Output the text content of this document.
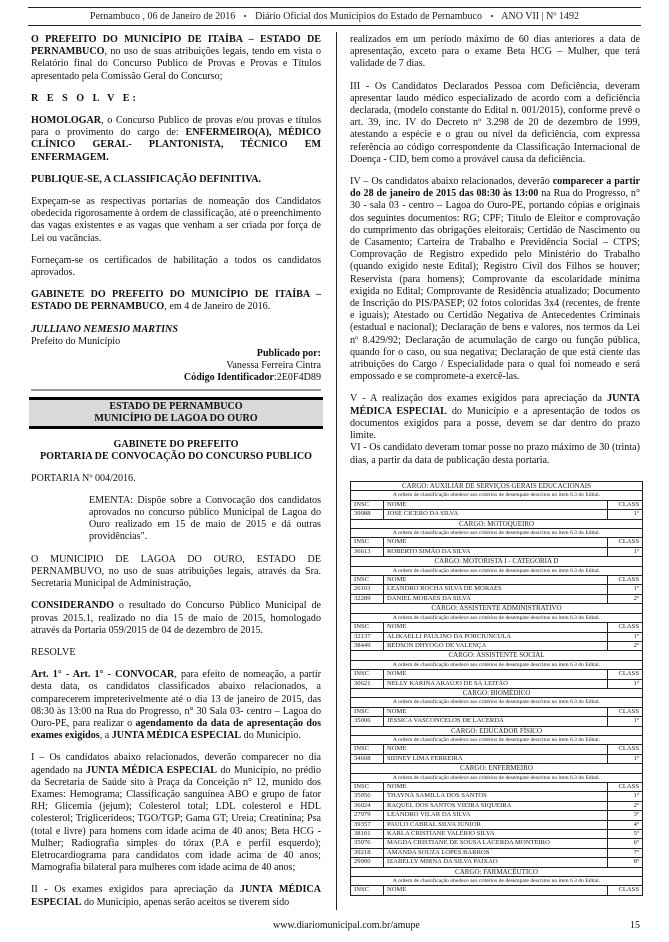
Pernambuco , 06 de Janeiro de 2016 • Diário Oficial dos Municípios do Estado de Pernambuco • ANO VII | Nº 1492

O PREFEITO DO MUNICÍPIO DE ITAÍBA – ESTADO DE PERNAMBUCO, no uso de suas atribuições legais, tendo em vista o Relatório final do Concurso Publico de Provas e Provas e Títulos apresentado pela Comissão Geral do Concurso;

R E S O L V E:

HOMOLOGAR, o Concurso Publico de provas e/ou provas e títulos para o provimento do cargo de: ENFERMEIRO(A), MÉDICO CLÍNICO GERAL- PLANTONISTA, TÉCNICO EM ENFERMAGEM.

PUBLIQUE-SE, A CLASSIFICAÇÃO DEFINITIVA.

Expeçam-se as respectivas portarias de nomeação dos Candidatos obedecida rigorosamente à ordem de classificação, até o preenchimento das vagas existentes e as vagas que venham a ser criada por força de Lei ou vacâncias.

Forneçam-se os certificados de habilitação a todos os candidatos aprovados.

GABINETE DO PREFEITO DO MUNICÍPIO DE ITAÍBA – ESTADO DE PERNAMBUCO, em 4 de Janeiro de 2016.

JULLIANO NEMESIO MARTINS
Prefeito do Município

Publicado por:
Vanessa Ferreira Cintra
Código Identificador:2E0F4D89
ESTADO DE PERNAMBUCO
MUNICÍPIO DE LAGOA DO OURO
GABINETE DO PREFEITO
PORTARIA DE CONVOCAÇÃO DO CONCURSO PUBLICO

PORTARIA Nº 004/2016.

EMENTA: Dispõe sobre a Convocação dos candidatos aprovados no concurso público Municipal de Lagoa do Ouro realizado em 15 de maio de 2015 e dá outras providências".

O MUNICIPIO DE LAGOA DO OURO, ESTADO DE PERNAMBUVO, no uso de suas atribuições legais, através da Sra. Secretaria Municipal de Administração,

CONSIDERANDO o resultado do Concurso Público Municipal de provas 2015.1, realizado no dia 15 de maio de 2015, homologado através da Portaria 059/2015 de 04 de dezembro de 2015.

RESOLVE

Art. 1° - Art. 1° - CONVOCAR, para efeito de nomeação, a partir desta data, os candidatos classificados abaixo relacionados, a comparecerem impreterivelmente até o dia 13 de janeiro de 2015, das 08:30 às 13:00 na Rua do Progresso, n° 30 Sala 03- centro – Lagoa do Ouro-PE, para realizar o agendamento da data de apresentação dos exames exigidos, a JUNTA MÉDICA ESPECIAL do Município.

I – Os candidatos abaixo relacionados, deverão comparecer no dia agendado na JUNTA MÉDICA ESPECIAL do Município, no prédio da Secretaria de Saúde sito à Praça da Conceição n° 12, munido dos Exames: Hemograma; Classificação sanguínea ABO e grupo de fator RH; Glicemia (jejum); Colesterol total; LDL colesterol e HDL colesterol; Triglicerídeos; TGO/TGP; Gama GT; Ureia; Creatinina; Psa (total e livre) para homens com idade acima de 40 anos; Beta HCG - Mulher; Radiografia simples do tórax (P.A e perfil esquerdo); Eletrocardiograma para candidatos com idade acima de 40 anos; Mamografia bilateral para mulheres com idade acima de 40 anos;

II - Os exames exigidos para apreciação da JUNTA MÉDICA ESPECIAL do Município, apenas serão aceitos se tiverem sido

realizados em um período máximo de 60 dias anteriores a data de apresentação, exceto para o exame Beta HCG – Mulher, que terá validade de 7 dias.

III - Os Candidatos Declarados Pessoa com Deficiência, deveram apresentar laudo médico especializado de acordo com a deficiência declarada, (modelo constante do Edital n. 001/2015), conforme prevê o art. 39, inc. IV do Decreto nº 3.298 de 20 de dezembro de 1999, atestando a espécie e o grau ou nível da deficiência, com expressa referência ao código correspondente da Classificação Internacional de Doença - CID, bem como a provável causa da deficiência.

IV – Os candidatos abaixo relacionados, deverão comparecer a partir do 28 de janeiro de 2015 das 08:30 às 13:00 na Rua do Progresso, n° 30 - sala 03 - centro – Lagoa do Ouro-PE, portando cópias e originais dos seguintes documentos: RG; CPF; Título de Eleitor e comprovação do cumprimento das obrigações eleitorais; Certidão de Nascimento ou de Casamento; Carteira de Trabalho e Previdência Social – CTPS; Comprovação de Registro expedido pelo Ministério do Trabalho (quando exigido neste Edital); Registro Civil dos Filhos se houver; Reservista (para homens); Comprovante da escolaridade mínima exigida no Edital; Comprovante de Residência atualizado; Documento de Inscrição do PIS/PASEP; 02 fotos coloridas 3x4 (recentes, de frente e iguais); Atestado ou Certidão Negativa de Antecedentes Criminais (estadual e nacional); Declaração de bens e valores, nos termos da Lei nº 8.429/92; Declaração de acumulação de cargo ou função pública, quando for o caso, ou sua negativa; Declaração de que está ciente das atribuições do Cargo / Especialidade para o qual foi nomeado e será empossado e se compromete-a exercê-las.

V - A realização dos exames exigidos para apreciação da JUNTA MÉDICA ESPECIAL do Município e a apresentação de todos os documentos exigidos para a posse, devem se dar dentro do prazo limite.

VI - Os candidato deveram tomar posse no prazo máximo de 30 (trinta) dias, a partir da data de publicação desta portaria.

CARGO: AUXILIAR DE SERVIÇOS GERAIS EDUCACIONAIS		
A ordem de classificação obedece aos critérios de desempate descritos no item 6.3 do Edital.		
INSC	NOME	CLASS
39088	JOSÉ CICERO DA SILVA	1º
CARGO: MOTOQUEIRO		
A ordem de classificação obedece aos critérios de desempate descritos no item 6.3 do Edital.		
INSC	NOME	CLASS
36613	ROBERTO SIMÃO DA SILVA	1º
CARGO: MOTORISTA I - CATEGORIA D		
A ordem de classificação obedece aos critérios de desempate descritos no item 6.3 do Edital.		
INSC	NOME	CLASS
26103	LEANDRO ROCHA SILVA DE MORAES	1º
32289	DANIEL MORAES DA SILVA	2º
CARGO: ASSISTENTE ADMINISTRATIVO		
A ordem de classificação obedece aos critérios de desempate descritos no item 6.3 do Edital.		
INSC	NOME	CLASS
32137	ALIKAELLI PAULINO DA PORCIUNCULA	1º
38449	BEDSON DHYOGO DE VALENÇA	2º
CARGO: ASSISTENTE SOCIAL		
A ordem de classificação obedece aos critérios de desempate descritos no item 6.3 do Edital.		
INSC	NOME	CLASS
30621	NELLY KARINA ARAÚJO DE SÁ LEITÃO	1º
CARGO: BIOMÉDICO		
A ordem de classificação obedece aos critérios de desempate descritos no item 6.3 do Edital.		
INSC	NOME	CLASS
35006	JÉSSICA VASCONCELOS DE LACERDA	1º
CARGO: EDUCADOR FÍSICO		
A ordem de classificação obedece aos critérios de desempate descritos no item 6.3 do Edital.		
INSC	NOME	CLASS
34608	SIDNEY LIMA FERREIRA	1º
CARGO: ENFERMEIRO		
A ordem de classificação obedece aos critérios de desempate descritos no item 6.3 do Edital.		
INSC	NOME	CLASS
35056	THAYNÁ SAMILLA DOS SANTOS	1º
36024	RAQUEL DOS SANTOS VIEIRA SIQUEIRA	2º
27979	LEANDRO VILAR DA SILVA	3º
39357	PAULO CABRAL SILVA JÚNIOR	4º
38101	KARLA CRISTIANE VALÉRIO SILVA	5º
35076	MAGDA CRISTIANE DE SOUSA LACERDA MONTEIRO	6º
39218	AMANDA SOUZA LOPES BARROS	7º
29900	IZABELLY MIRNA DA SILVA PAIXAO	8º
CARGO: FARMACÊUTICO		
A ordem de classificação obedece aos critérios de desempate descritos no item 6.3 do Edital.		
INSC	NOME	CLASS
www.diariomunicipal.com.br/amupe	15
